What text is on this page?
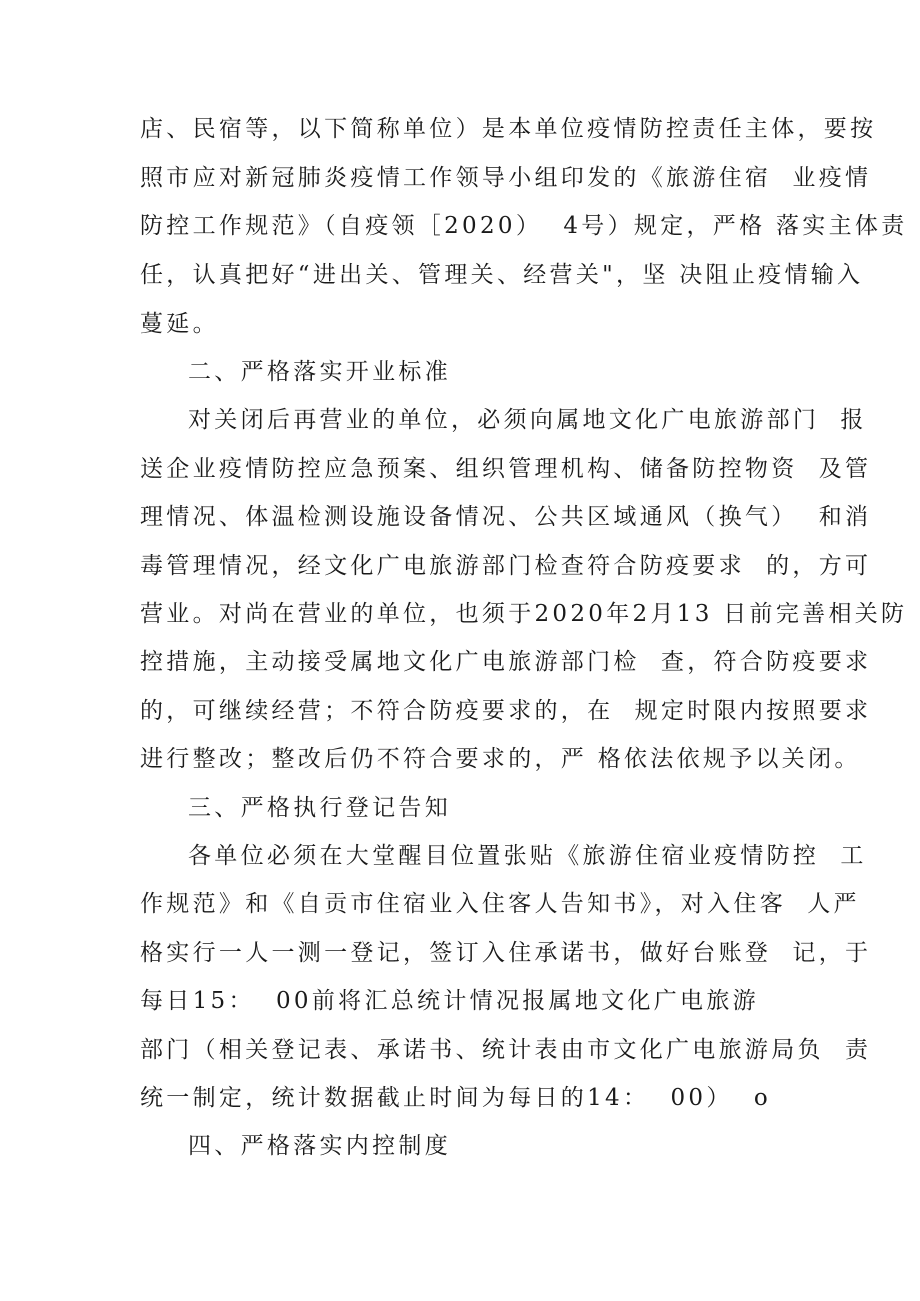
店、民宿等，以下简称单位）是本单位疫情防控责任主体，要按
照市应对新冠肺炎疫情工作领导小组印发的《旅游住宿  业疫情
防控工作规范》（自疫领［2020）  4号）规定，严格 落实主体责
任，认真把好“进出关、管理关、经营关"，坚 决阻止疫情输入
蔓延。
二、严格落实开业标准
对关闭后再营业的单位，必须向属地文化广电旅游部门  报
送企业疫情防控应急预案、组织管理机构、储备防控物资  及管
理情况、体温检测设施设备情况、公共区域通风（换气）  和消
毒管理情况，经文化广电旅游部门检查符合防疫要求  的，方可
营业。对尚在营业的单位，也须于2020年2月13 日前完善相关防
控措施，主动接受属地文化广电旅游部门检  查，符合防疫要求
的，可继续经营；不符合防疫要求的，在  规定时限内按照要求
进行整改；整改后仍不符合要求的，严 格依法依规予以关闭。
三、严格执行登记告知
各单位必须在大堂醒目位置张贴《旅游住宿业疫情防控  工
作规范》和《自贡市住宿业入住客人告知书》，对入住客  人严
格实行一人一测一登记，签订入住承诺书，做好台账登  记，于
每日15：  00前将汇总统计情况报属地文化广电旅游
部门（相关登记表、承诺书、统计表由市文化广电旅游局负  责
统一制定，统计数据截止时间为每日的14：  00）  o
四、严格落实内控制度
